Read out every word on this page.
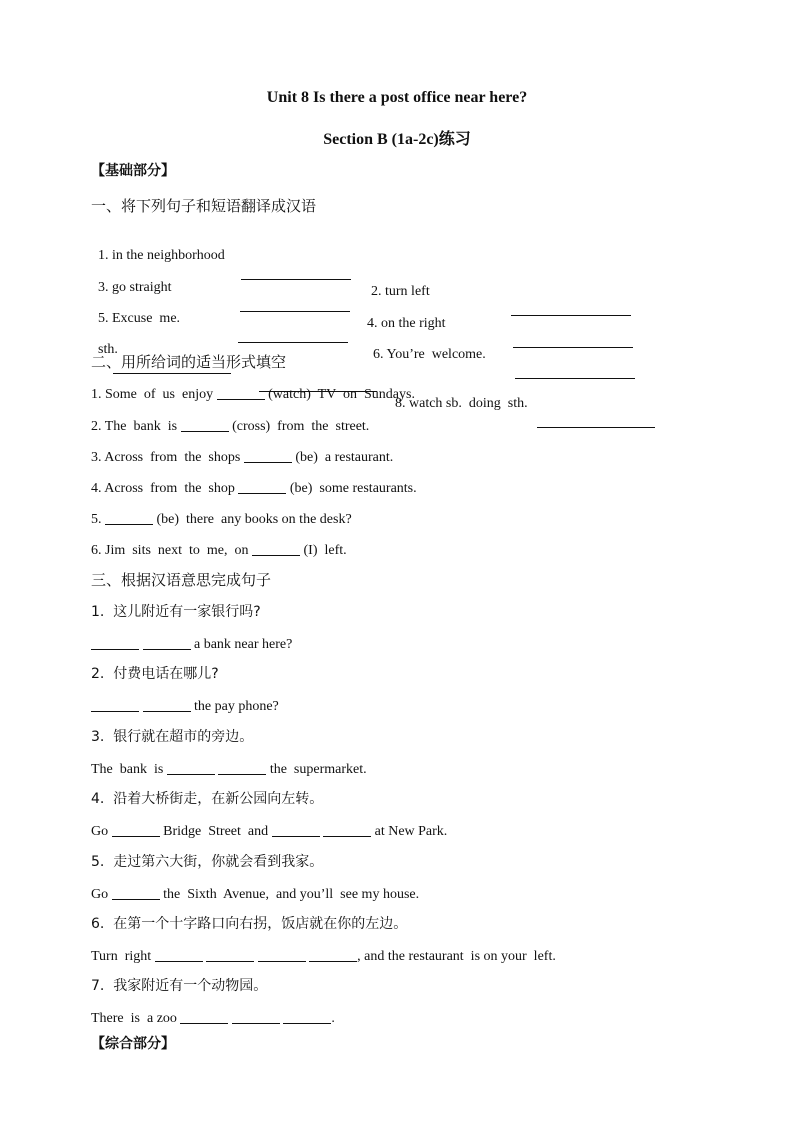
Unit 8 Is there a post office near here?
Section B (1a-2c)练习
【基础部分】
一、将下列句子和短语翻译成汉语

1. in the neighborhood

2. turn left

3. go straight

4. on the right

5. Excuse  me.

6. You’re  welcome.

sth.

8. watch sb.  doing  sth.

二、用所给词的适当形式填空
1. Some  of  us  enjoy	(watch)  TV  on  Sundays.
2. The  bank  is	(cross)  from  the  street.
3. Across  from  the  shops	(be)  a restaurant.
4. Across  from  the  shop	(be)  some restaurants.
5.	(be)  there  any books on the desk?
6. Jim  sits  next  to  me,  on	(I)  left.
三、根据汉语意思完成句子
1.  这儿附近有一家银行吗?
a bank near here?
2.  付费电话在哪儿?
the pay phone?
3.  银行就在超市的旁边。
The  bank  is	the  supermarket.
4.  沿着大桥街走，在新公园向左转。
Go	Bridge  Street  and	at New Park.
5.  走过第六大街，你就会看到我家。
Go	the  Sixth  Avenue,  and you’ll  see my house.
6.  在第一个十字路口向右拐，饭店就在你的左边。
Turn  right	, and the restaurant  is on your  left.
7.  我家附近有一个动物园。
There  is  a zoo	.
【综合部分】
